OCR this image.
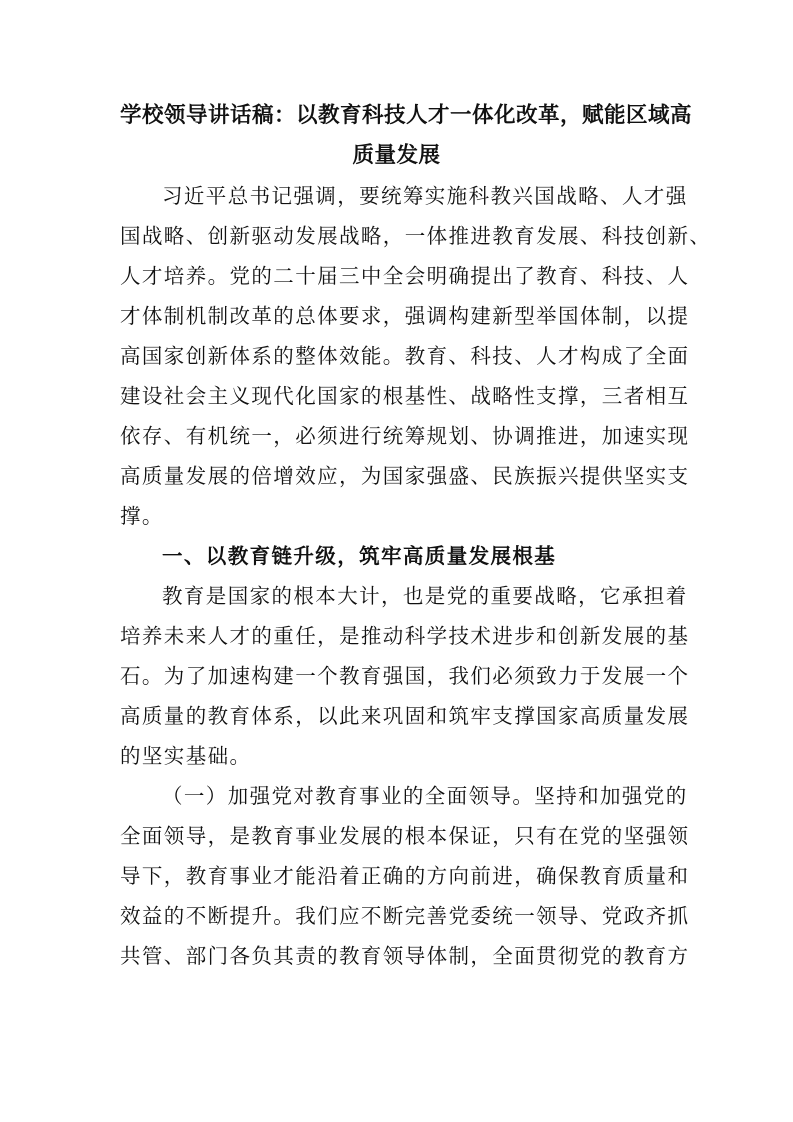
学校领导讲话稿：以教育科技人才一体化改革，赋能区域高
质量发展
习近平总书记强调，要统筹实施科教兴国战略、人才强
国战略、创新驱动发展战略，一体推进教育发展、科技创新、
人才培养。党的二十届三中全会明确提出了教育、科技、人
才体制机制改革的总体要求，强调构建新型举国体制，以提
高国家创新体系的整体效能。教育、科技、人才构成了全面
建设社会主义现代化国家的根基性、战略性支撑，三者相互
依存、有机统一，必须进行统筹规划、协调推进，加速实现
高质量发展的倍增效应，为国家强盛、民族振兴提供坚实支
撑。
一、以教育链升级，筑牢高质量发展根基
教育是国家的根本大计，也是党的重要战略，它承担着
培养未来人才的重任，是推动科学技术进步和创新发展的基
石。为了加速构建一个教育强国，我们必须致力于发展一个
高质量的教育体系，以此来巩固和筑牢支撑国家高质量发展
的坚实基础。
（一）加强党对教育事业的全面领导。坚持和加强党的
全面领导，是教育事业发展的根本保证，只有在党的坚强领
导下，教育事业才能沿着正确的方向前进，确保教育质量和
效益的不断提升。我们应不断完善党委统一领导、党政齐抓
共管、部门各负其责的教育领导体制，全面贯彻党的教育方
